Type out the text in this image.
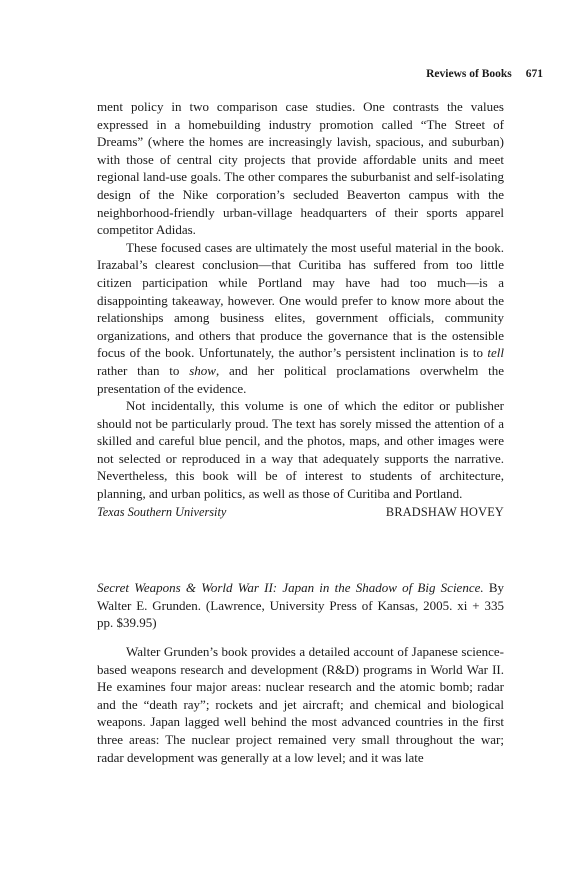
Reviews of Books 671

ment policy in two comparison case studies. One contrasts the values expressed in a homebuilding industry promotion called “The Street of Dreams” (where the homes are increasingly lavish, spacious, and suburban) with those of central city projects that provide affordable units and meet regional land-use goals. The other compares the suburbanist and self-isolating design of the Nike corporation’s secluded Beaverton campus with the neighborhood-friendly urban-village headquarters of their sports apparel competitor Adidas.

These focused cases are ultimately the most useful material in the book. Irazabal’s clearest conclusion—that Curitiba has suffered from too little citizen participation while Portland may have had too much—is a disappointing takeaway, however. One would prefer to know more about the relationships among business elites, government officials, community organizations, and others that produce the governance that is the ostensible focus of the book. Unfortunately, the author’s persistent inclination is to tell rather than to show, and her political proclamations overwhelm the presentation of the evidence.

Not incidentally, this volume is one of which the editor or publisher should not be particularly proud. The text has sorely missed the attention of a skilled and careful blue pencil, and the photos, maps, and other images were not selected or reproduced in a way that adequately supports the narrative. Nevertheless, this book will be of interest to students of architecture, planning, and urban politics, as well as those of Curitiba and Portland.

Texas Southern University	BRADSHAW HOVEY

Secret Weapons & World War II: Japan in the Shadow of Big Science. By Walter E. Grunden. (Lawrence, University Press of Kansas, 2005. xi + 335 pp. $39.95)

Walter Grunden’s book provides a detailed account of Japanese science-based weapons research and development (R&D) programs in World War II. He examines four major areas: nuclear research and the atomic bomb; radar and the “death ray”; rockets and jet aircraft; and chemical and biological weapons. Japan lagged well behind the most advanced countries in the first three areas: The nuclear project remained very small throughout the war; radar development was generally at a low level; and it was late
